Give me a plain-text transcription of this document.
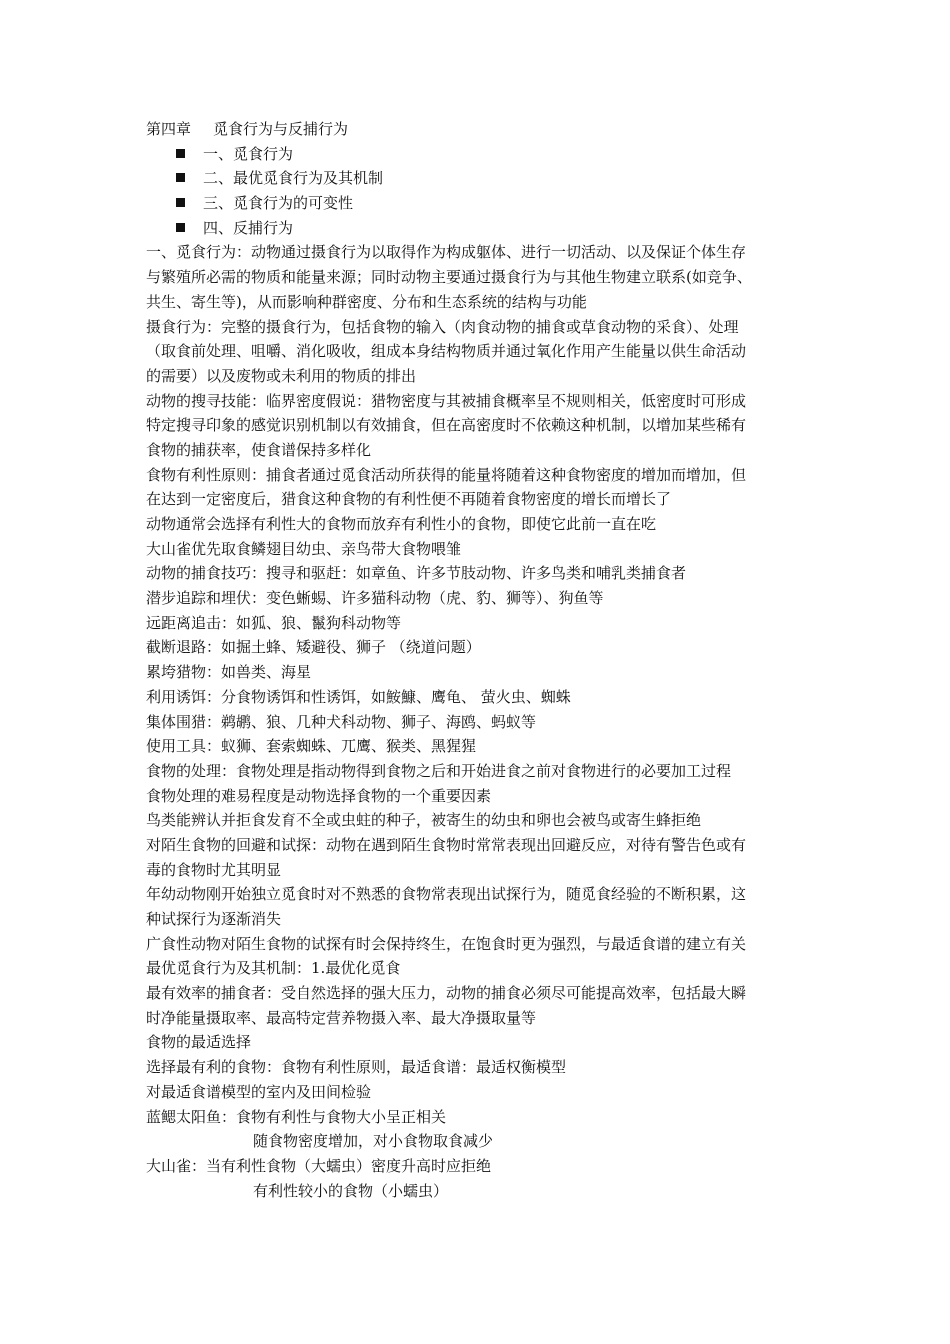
第四章 觅食行为与反捕行为
一、觅食行为
二、最优觅食行为及其机制
三、觅食行为的可变性
四、反捕行为
一、觅食行为：动物通过摄食行为以取得作为构成躯体、进行一切活动、以及保证个体生存
与繁殖所必需的物质和能量来源；同时动物主要通过摄食行为与其他生物建立联系(如竞争、
共生、寄生等)，从而影响种群密度、分布和生态系统的结构与功能
摄食行为：完整的摄食行为，包括食物的输入（肉食动物的捕食或草食动物的采食）、处理
（取食前处理、咀嚼、消化吸收，组成本身结构物质并通过氧化作用产生能量以供生命活动
的需要）以及废物或未利用的物质的排出
动物的搜寻技能：临界密度假说：猎物密度与其被捕食概率呈不规则相关，低密度时可形成
特定搜寻印象的感觉识别机制以有效捕食，但在高密度时不依赖这种机制，以增加某些稀有
食物的捕获率，使食谱保持多样化
食物有利性原则：捕食者通过觅食活动所获得的能量将随着这种食物密度的增加而增加，但
在达到一定密度后，猎食这种食物的有利性便不再随着食物密度的增长而增长了
动物通常会选择有利性大的食物而放弃有利性小的食物，即使它此前一直在吃
大山雀优先取食鳞翅目幼虫、亲鸟带大食物喂雏
动物的捕食技巧：搜寻和驱赶：如章鱼、许多节肢动物、许多鸟类和哺乳类捕食者
潜步追踪和埋伏：变色蜥蜴、许多猫科动物（虎、豹、狮等）、狗鱼等
远距离追击：如狐、狼、鬣狗科动物等
截断退路：如掘土蜂、矮避役、狮子 （绕道问题）
累垮猎物：如兽类、海星
利用诱饵：分食物诱饵和性诱饵，如鮟鱇、鹰龟、 萤火虫、蜘蛛
集体围猎：鹈鹕、狼、几种犬科动物、狮子、海鸥、蚂蚁等
使用工具：蚁狮、套索蜘蛛、兀鹰、猴类、黑猩猩
食物的处理：食物处理是指动物得到食物之后和开始进食之前对食物进行的必要加工过程
食物处理的难易程度是动物选择食物的一个重要因素
鸟类能辨认并拒食发育不全或虫蛀的种子，被寄生的幼虫和卵也会被鸟或寄生蜂拒绝
对陌生食物的回避和试探：动物在遇到陌生食物时常常表现出回避反应，对待有警告色或有
毒的食物时尤其明显
年幼动物刚开始独立觅食时对不熟悉的食物常表现出试探行为，随觅食经验的不断积累，这
种试探行为逐渐消失
广食性动物对陌生食物的试探有时会保持终生，在饱食时更为强烈，与最适食谱的建立有关
最优觅食行为及其机制：1.最优化觅食
最有效率的捕食者：受自然选择的强大压力，动物的捕食必须尽可能提高效率，包括最大瞬
时净能量摄取率、最高特定营养物摄入率、最大净摄取量等
食物的最适选择
选择最有利的食物：食物有利性原则，最适食谱：最适权衡模型
对最适食谱模型的室内及田间检验
蓝鳃太阳鱼：食物有利性与食物大小呈正相关
随食物密度增加，对小食物取食减少
大山雀：当有利性食物（大蠕虫）密度升高时应拒绝
有利性较小的食物（小蠕虫）
